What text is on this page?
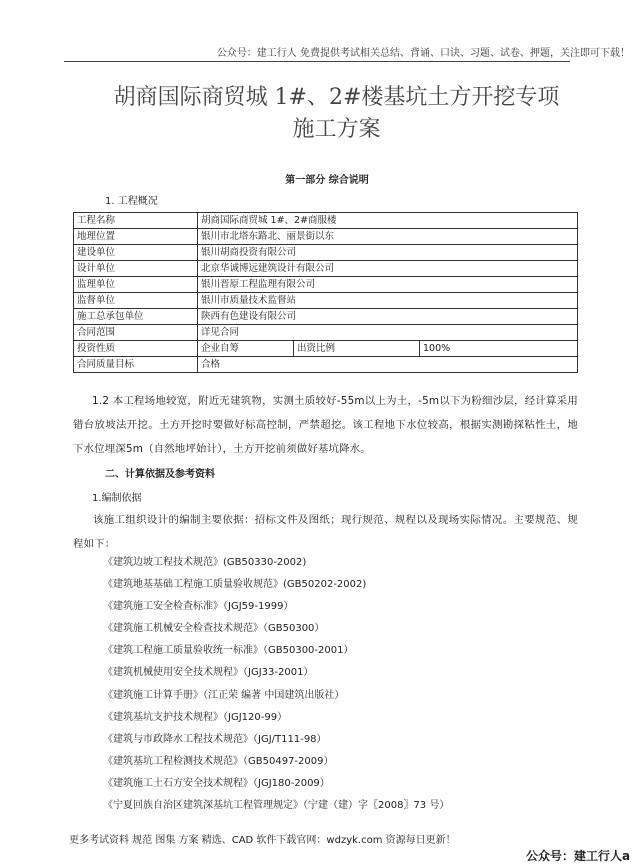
公众号：建工行人 免费提供考试相关总结、背诵、口诀、习题、试卷、押题，关注即可下载！
胡商国际商贸城 1#、2#楼基坑土方开挖专项
施工方案
第一部分 综合说明
1. 工程概况
工程名称	胡商国际商贸城 1#、2#商服楼		
地理位置	银川市北塔东路北、丽景街以东		
建设单位	银川胡商投资有限公司		
设计单位	北京华诚博远建筑设计有限公司		
监理单位	银川晋原工程监理有限公司		
监督单位	银川市质量技术监督站		
施工总承包单位	陕西有色建设有限公司		
合同范围	详见合同		
投资性质	企业自筹	出资比例	100%
合同质量目标	合格		
1.2 本工程场地较宽，附近无建筑物，实测土质较好-55m以上为土，-5m以下为粉细沙层，经计算采用错台放坡法开挖。土方开挖时要做好标高控制，严禁超挖。该工程地下水位较高，根据实测勘探粘性土，地下水位埋深5m（自然地坪始计），土方开挖前须做好基坑降水。
二、计算依据及参考资料
1.编制依据
该施工组织设计的编制主要依据：招标文件及图纸；现行规范、规程以及现场实际情况。主要规范、规程如下：
《建筑边坡工程技术规范》(GB50330-2002)
《建筑地基基础工程施工质量验收规范》(GB50202-2002)
《建筑施工安全检查标准》（JGJ59-1999）
《建筑施工机械安全检查技术规范》（GB50300）
《建筑工程施工质量验收统一标准》（GB50300-2001）
《建筑机械使用安全技术规程》（JGJ33-2001）
《建筑施工计算手册》（江正荣 编著 中国建筑出版社）
《建筑基坑支护技术规程》（JGJ120-99）
《建筑与市政降水工程技术规范》（JGJ/T111-98）
《建筑基坑工程检测技术规范》（GB50497-2009）
《建筑施工土石方安全技术规程》（JGJ180-2009）
《宁夏回族自治区建筑深基坑工程管理规定》（宁建（建）字〖2008〗73 号）
更多考试资料 规范 图集 方案 精选、CAD 软件下载官网：wdzyk.com 资源每日更新！
公众号：建工行人a
